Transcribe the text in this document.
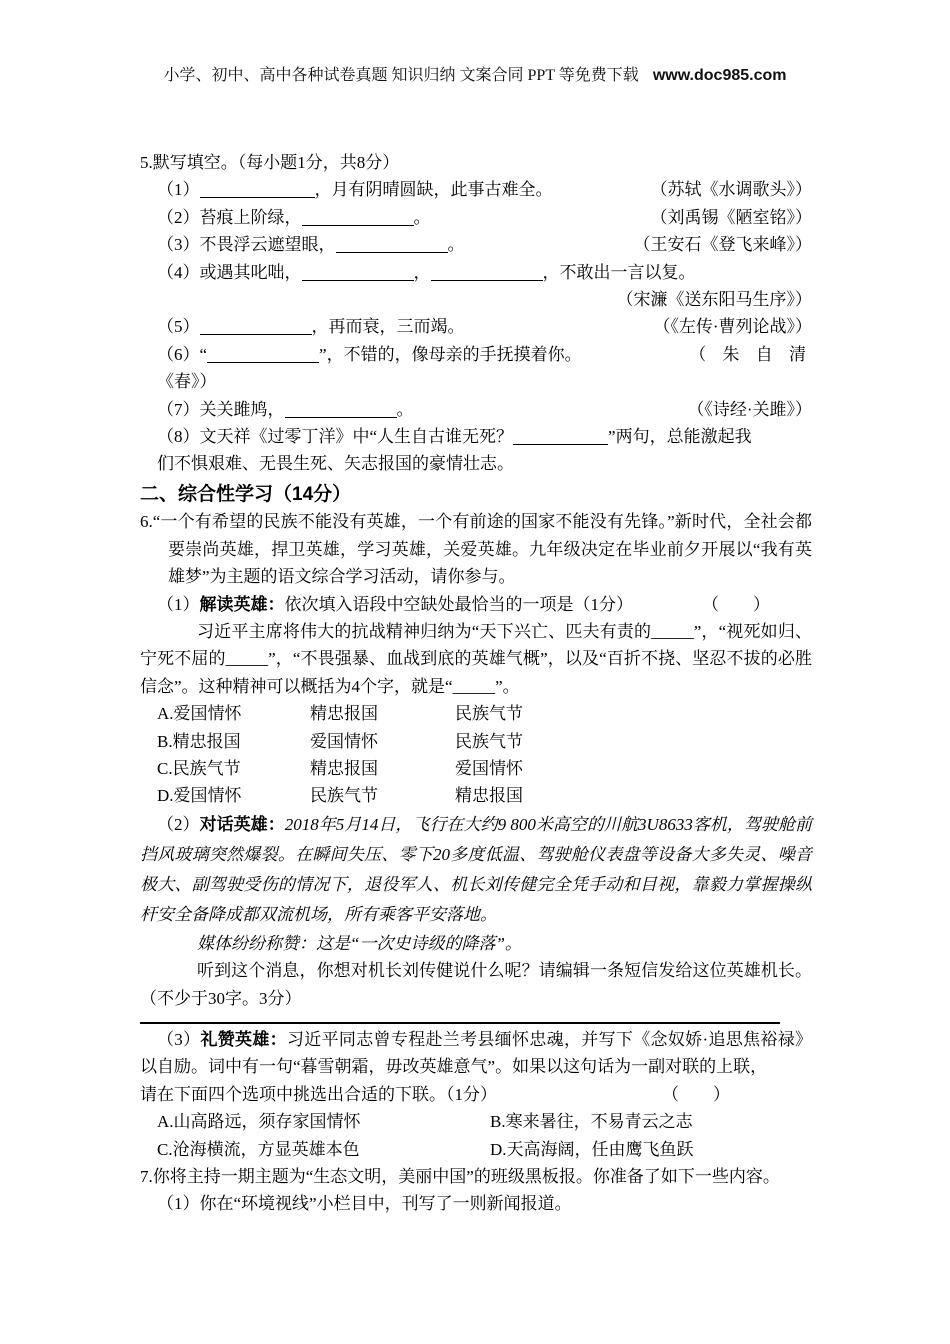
小学、初中、高中各种试卷真题 知识归纳 文案合同 PPT 等免费下载 www.doc985.com
5.默写填空。（每小题1分，共8分）
（1）	，月有阴晴圆缺，此事古难全。	（苏轼《水调歌头》）
（2）苔痕上阶绿，	。	（刘禹锡《陋室铭》）
（3）不畏浮云遮望眼，	。	（王安石《登飞来峰》）
（4）或遇其叱咄，	，	，不敢出一言以复。
（宋濂《送东阳马生序》）
（5）	，再而衰，三而竭。	（《左传·曹列论战》）
（6）“	”，不错的，像母亲的手抚摸着你。	（ 朱 自 清
《春》）
（7）关关雎鸠，	。	（《诗经·关雎》）
（8）文天祥《过零丁洋》中“人生自古谁无死？	”两句，总能激起我
们不惧艰难、无畏生死、矢志报国的豪情壮志。
二、综合性学习（14分）

6.“一个有希望的民族不能没有英雄，一个有前途的国家不能没有先锋。”新时代，全社会都要崇尚英雄，捍卫英雄，学习英雄，关爱英雄。九年级决定在毕业前夕开展以“我有英雄梦”为主题的语文综合学习活动，请你参与。

（1）解读英雄：依次填入语段中空缺处最恰当的一项是（1分）	（　　）

习近平主席将伟大的抗战精神归纳为“天下兴亡、匹夫有责的_____”，“视死如归、宁死不屈的_____”，“不畏强暴、血战到底的英雄气概”，以及“百折不挠、坚忍不拔的必胜信念”。这种精神可以概括为4个字，就是“_____”。

A.爱国情怀	精忠报国	民族气节
B.精忠报国	爱国情怀	民族气节
C.民族气节	精忠报国	爱国情怀
D.爱国情怀	民族气节	精忠报国

（2）对话英雄：2018年5月14日，飞行在大约9 800米高空的川航3U8633客机，驾驶舱前挡风玻璃突然爆裂。在瞬间失压、零下20多度低温、驾驶舱仪表盘等设备大多失灵、噪音极大、副驾驶受伤的情况下，退役军人、机长刘传健完全凭手动和目视，靠毅力掌握操纵杆安全备降成都双流机场，所有乘客平安落地。

媒体纷纷称赞：这是“一次史诗级的降落”。

听到这个消息，你想对机长刘传健说什么呢？请编辑一条短信发给这位英雄机长。（不少于30字。3分）

（3）礼赞英雄：习近平同志曾专程赴兰考县缅怀忠魂，并写下《念奴娇·追思焦裕禄》以自励。词中有一句“暮雪朝霜，毋改英雄意气”。如果以这句话为一副对联的上联，

请在下面四个选项中挑选出合适的下联。（1分）	（　　）
A.山高路远，须存家国情怀	B.寒来暑往，不易青云之志
C.沧海横流，方显英雄本色	D.天高海阔，任由鹰飞鱼跃

7.你将主持一期主题为“生态文明，美丽中国”的班级黑板报。你准备了如下一些内容。

（1）你在“环境视线”小栏目中，刊写了一则新闻报道。
